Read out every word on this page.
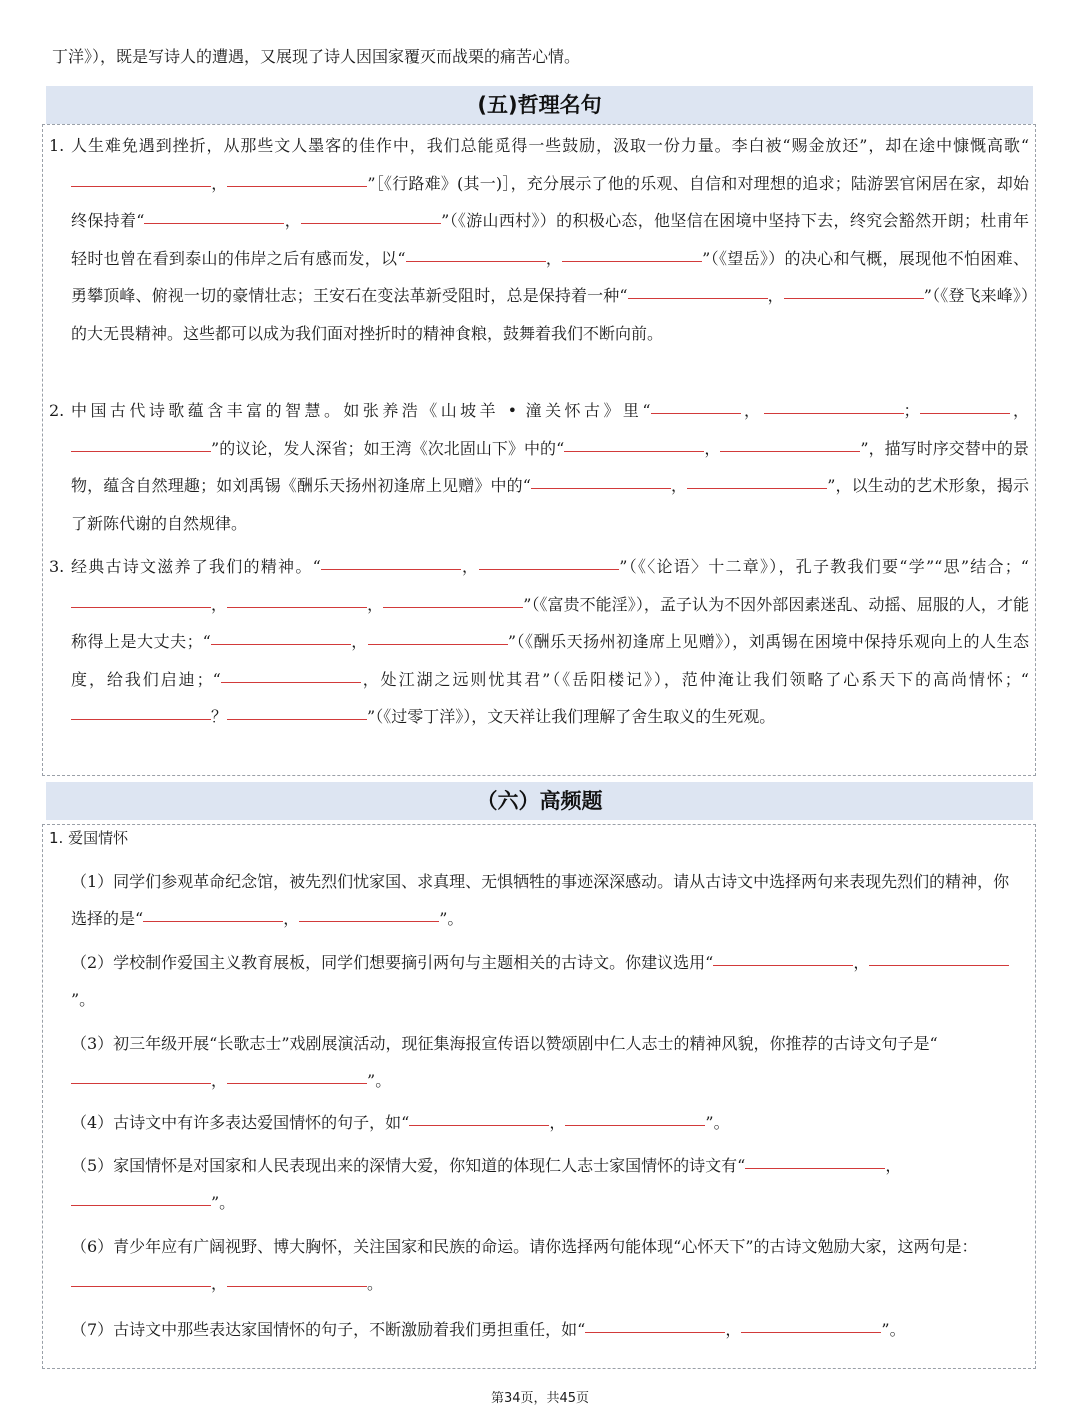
丁洋》），既是写诗人的遭遇，又展现了诗人因国家覆灭而战栗的痛苦心情。
(五)哲理名句
1. 人生难免遇到挫折，从那些文人墨客的佳作中，我们总能觅得一些鼓励，汲取一份力量。李白被“赐金放还”，却在途中慷慨高歌“，	”［《行路难》(其一)］，充分展示了他的乐观、自信和对理想的追求；陆游罢官闲居在家，却始终保持着“	，	”（《游山西村》）的积极心态，他坚信在困境中坚持下去，终究会豁然开朗；杜甫年轻时也曾在看到泰山的伟岸之后有感而发，以“	，	”（《望岳》）的决心和气概，展现他不怕困难、勇攀顶峰、俯视一切的豪情壮志；王安石在变法革新受阻时，总是保持着一种“	，	”（《登飞来峰》）的大无畏精神。这些都可以成为我们面对挫折时的精神食粮，鼓舞着我们不断向前。
2. 中国古代诗歌蕴含丰富的智慧。如张养浩《山坡羊 • 潼关怀古》里“	，	；	，”的议论，发人深省；如王湾《次北固山下》中的“	，	”，描写时序交替中的景物，蕴含自然理趣；如刘禹锡《酬乐天扬州初逢席上见赠》中的“	，	”，以生动的艺术形象，揭示了新陈代谢的自然规律。
3. 经典古诗文滋养了我们的精神。“	，	”（《〈论语〉十二章》），孔子教我们要“学”“思”结合；“，	，	”（《富贵不能淫》），孟子认为不因外部因素迷乱、动摇、屈服的人，才能称得上是大丈夫；“	，	”（《酬乐天扬州初逢席上见赠》），刘禹锡在困境中保持乐观向上的人生态度，给我们启迪；“	，处江湖之远则忧其君”（《岳阳楼记》），范仲淹让我们领略了心系天下的高尚情怀；“？	”（《过零丁洋》），文天祥让我们理解了舍生取义的生死观。
（六）高频题
1. 爱国情怀
（1）同学们参观革命纪念馆，被先烈们忧家国、求真理、无惧牺牲的事迹深深感动。请从古诗文中选择两句来表现先烈们的精神，你选择的是“	，	”。
（2）学校制作爱国主义教育展板，同学们想要摘引两句与主题相关的古诗文。你建议选用“	，”。
（3）初三年级开展“长歌志士”戏剧展演活动，现征集海报宣传语以赞颂剧中仁人志士的精神风貌，你推荐的古诗文句子是“，	”。
（4）古诗文中有许多表达爱国情怀的句子，如“	，	”。
（5）家国情怀是对国家和人民表现出来的深情大爱，你知道的体现仁人志士家国情怀的诗文有“	，”。
（6）青少年应有广阔视野、博大胸怀，关注国家和民族的命运。请你选择两句能体现“心怀天下”的古诗文勉励大家，这两句是：，	。
（7）古诗文中那些表达家国情怀的句子，不断激励着我们勇担重任，如“	，	”。
第34页，共45页
